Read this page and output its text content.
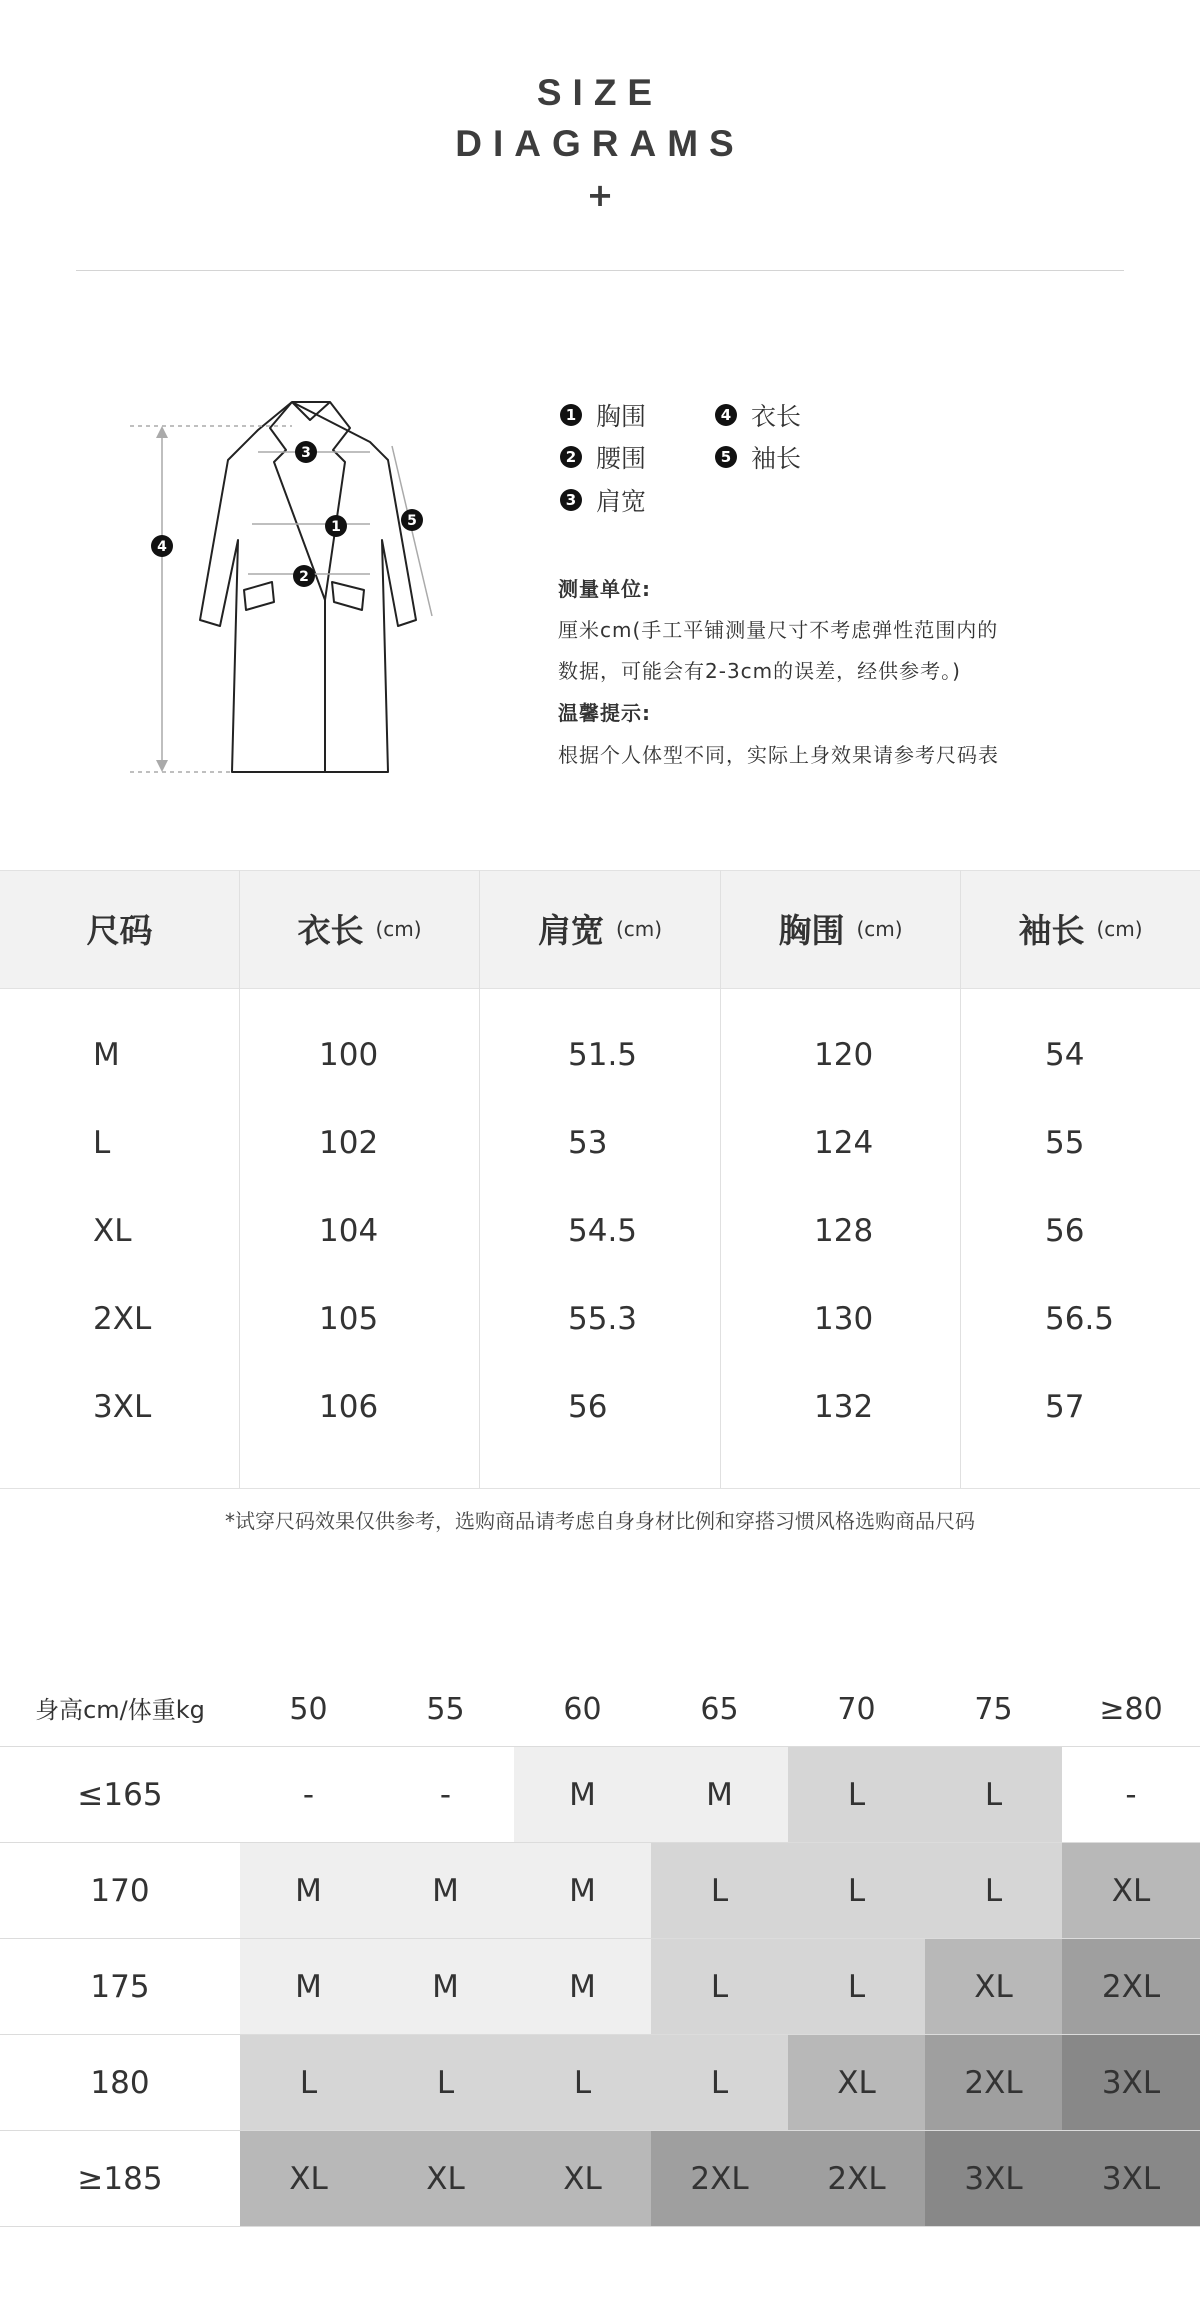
SIZE
DIAGRAMS
+
1
2
3
4
5
1 胸围	4 衣长
2 腰围	5 袖长
3 肩宽
测量单位:
厘米cm(手工平铺测量尺寸不考虑弹性范围内的
数据，可能会有2-3cm的误差，经供参考。)
温馨提示:
根据个人体型不同，实际上身效果请参考尺码表
尺码	衣长 (cm)	肩宽 (cm)	胸围 (cm)	袖长 (cm)
M	100	51.5	120	54
L	102	53	124	55
XL	104	54.5	128	56
2XL	105	55.3	130	56.5
3XL	106	56	132	57
*试穿尺码效果仅供参考，选购商品请考虑自身身材比例和穿搭习惯风格选购商品尺码
身高cm/体重kg	50	55	60	65	70	75	≥80
≤165	-	-	M	M	L	L	-
170	M	M	M	L	L	L	XL
175	M	M	M	L	L	XL	2XL
180	L	L	L	L	XL	2XL	3XL
≥185	XL	XL	XL	2XL	2XL	3XL	3XL
